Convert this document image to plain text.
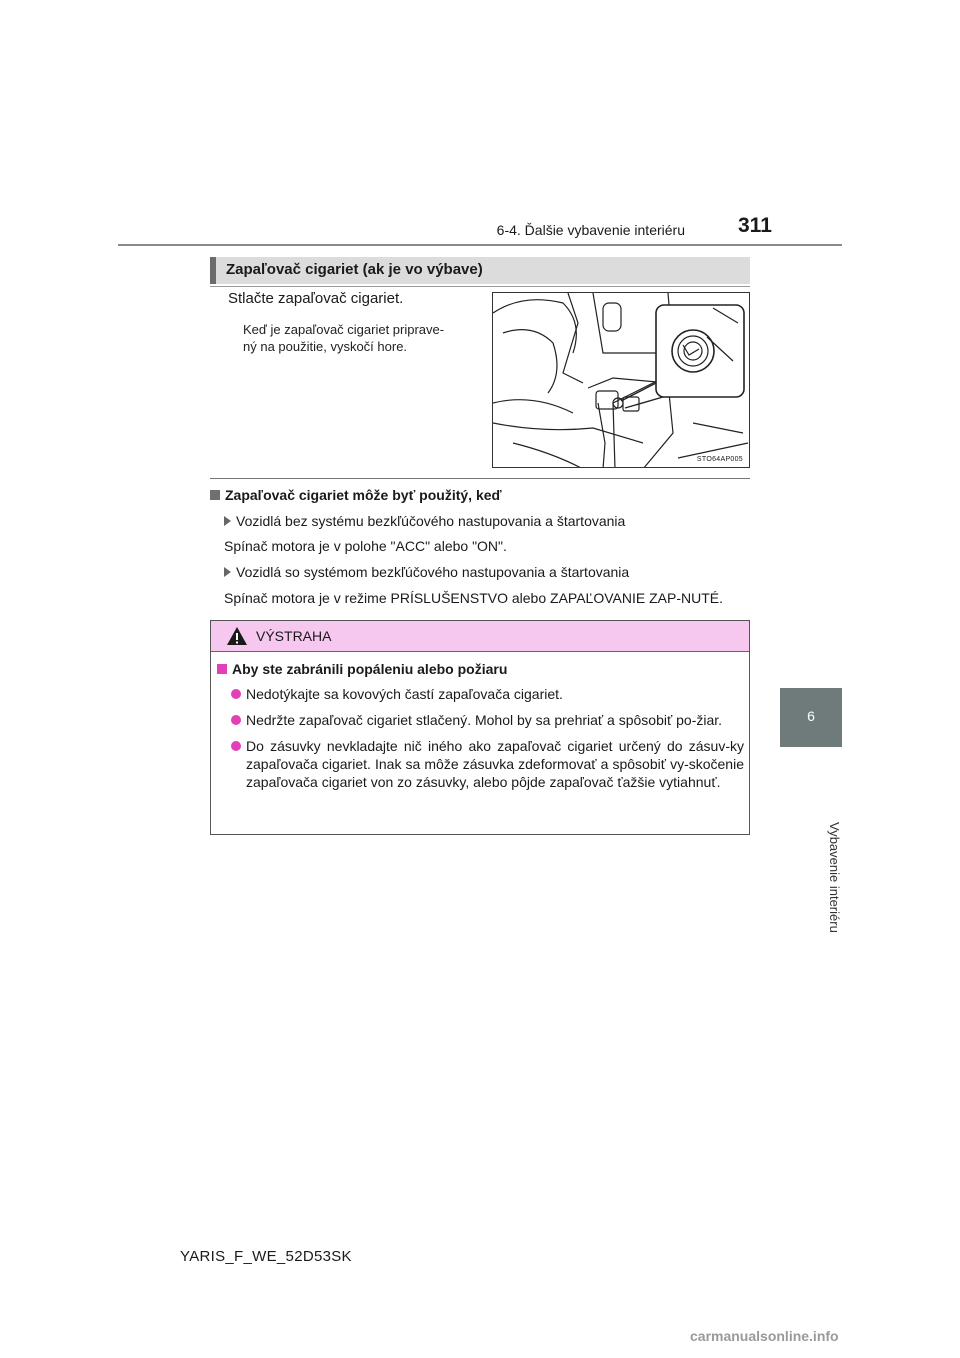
6-4. Ďalšie vybavenie interiéru	311
6
Vybavenie interiéru
Zapaľovač cigariet (ak je vo výbave)
Stlačte zapaľovač cigariet.
Keď je zapaľovač cigariet priprave-
ný na použitie, vyskočí hore.
STO64AP005
Zapaľovač cigariet môže byť použitý, keď
Vozidlá bez systému bezkľúčového nastupovania a štartovania
Spínač motora je v polohe "ACC" alebo "ON".
Vozidlá so systémom bezkľúčového nastupovania a štartovania
Spínač motora je v režime PRÍSLUŠENSTVO alebo ZAPAĽOVANIE ZAP-NUTÉ.
VÝSTRAHA
Aby ste zabránili popáleniu alebo požiaru
Nedotýkajte sa kovových častí zapaľovača cigariet.
Nedržte zapaľovač cigariet stlačený. Mohol by sa prehriať a spôsobiť po-žiar.
Do zásuvky nevkladajte nič iného ako zapaľovač cigariet určený do zásuv-ky zapaľovača cigariet. Inak sa môže zásuvka zdeformovať a spôsobiť vy-skočenie zapaľovača cigariet von zo zásuvky, alebo pôjde zapaľovač ťažšie vytiahnuť.
YARIS_F_WE_52D53SK
carmanualsonline.info
